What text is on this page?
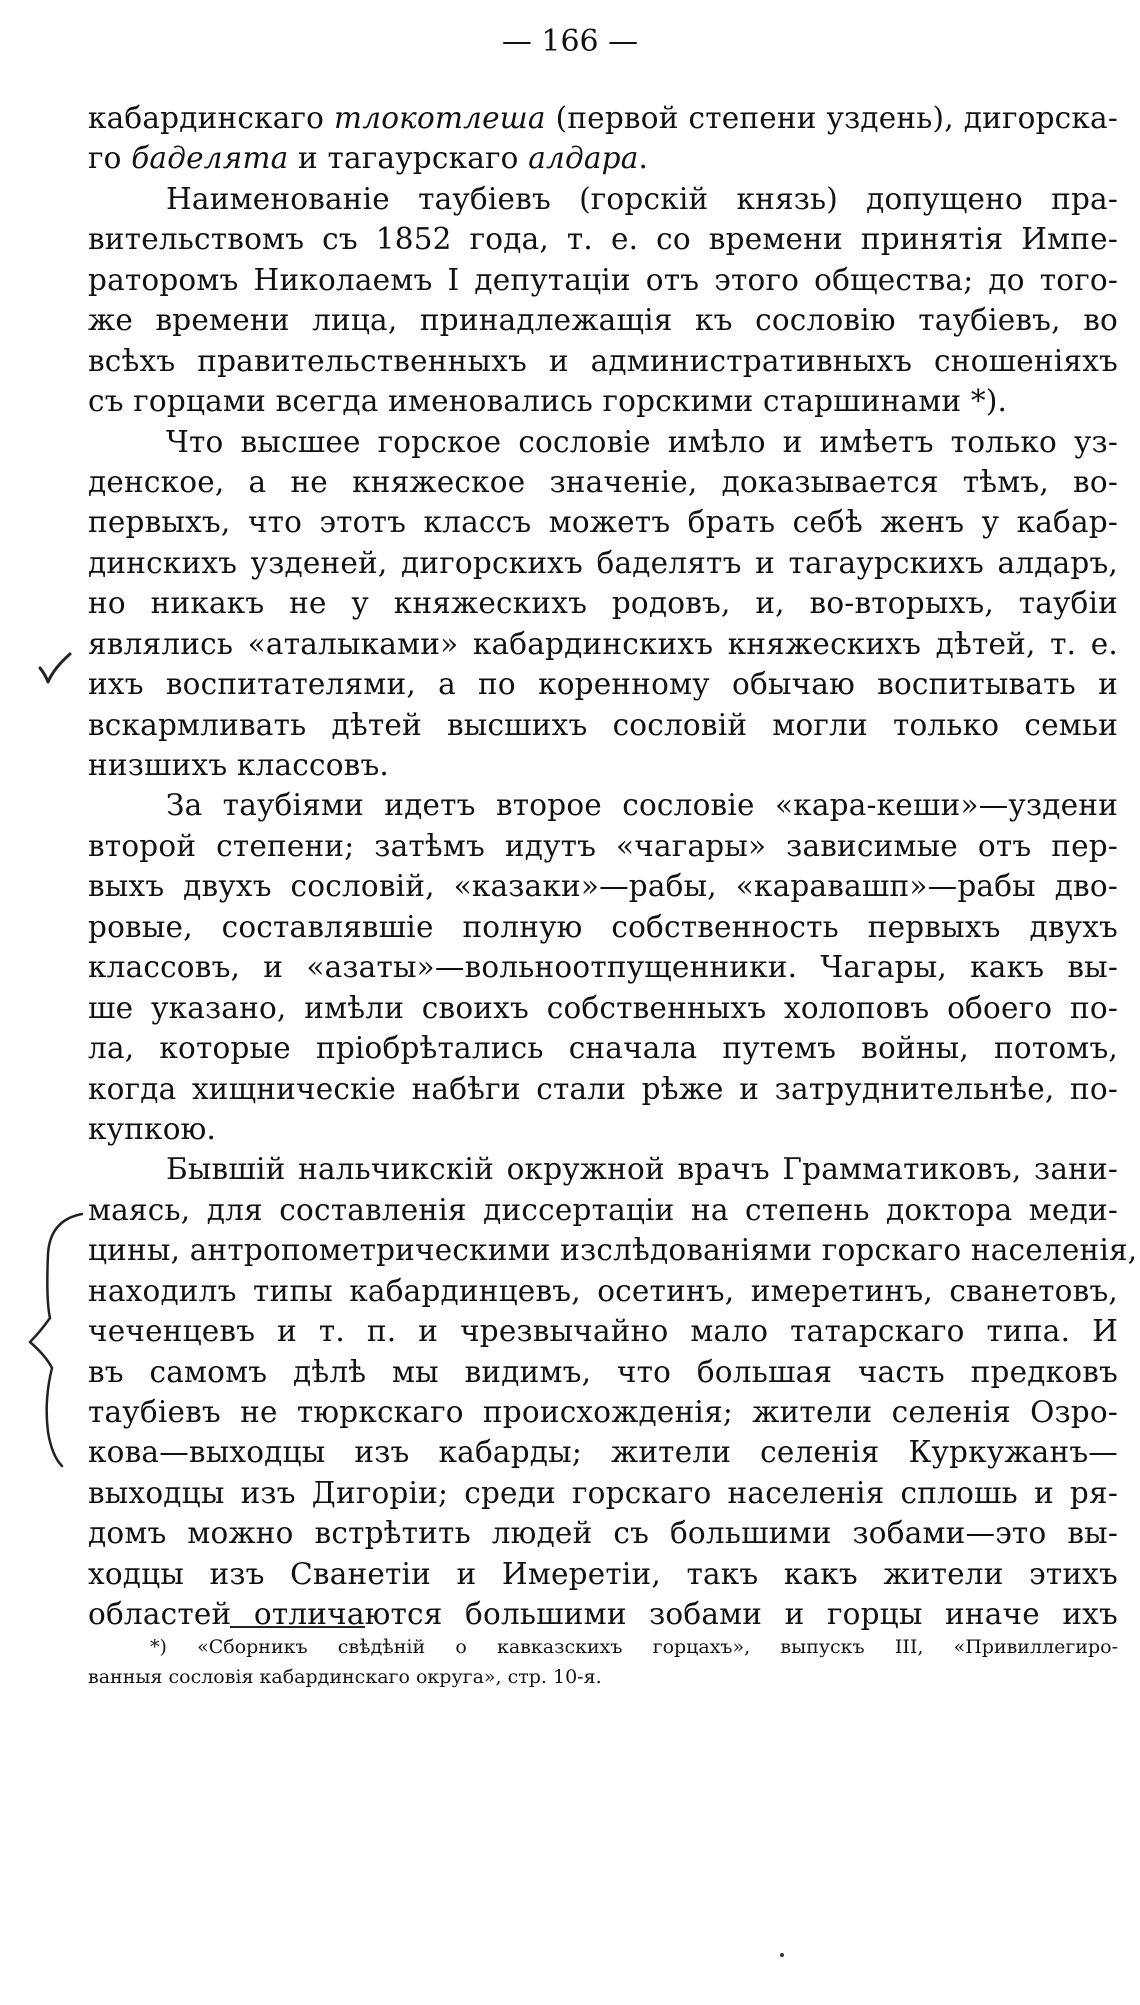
— 166 —
кабардинскаго тлокотлеша (первой степени уздень), дигорска-
го баделята и тагаурскаго алдара.
Наименованіе таубіевъ (горскій князь) допущено пра-
вительствомъ съ 1852 года, т. е. со времени принятія Импе-
раторомъ Николаемъ I депутаціи отъ этого общества; до того-
же времени лица, принадлежащія къ сословію таубіевъ, во
всѣхъ правительственныхъ и административныхъ сношеніяхъ
съ горцами всегда именовались горскими старшинами *).
Что высшее горское сословіе имѣло и имѣетъ только уз-
денское, а не княжеское значеніе, доказывается тѣмъ, во-
первыхъ, что этотъ классъ можетъ брать себѣ женъ у кабар-
динскихъ узденей, дигорскихъ баделятъ и тагаурскихъ алдаръ,
но никакъ не у княжескихъ родовъ, и, во-вторыхъ, таубіи
являлись «аталыками» кабардинскихъ княжескихъ дѣтей, т. е.
ихъ воспитателями, а по коренному обычаю воспитывать и
вскармливать дѣтей высшихъ сословій могли только семьи
низшихъ классовъ.
За таубіями идетъ второе сословіе «кара-кеши»—уздени
второй степени; затѣмъ идутъ «чагары» зависимые отъ пер-
выхъ двухъ сословій, «казаки»—рабы, «каравашп»—рабы дво-
ровые, составлявшіе полную собственность первыхъ двухъ
классовъ, и «азаты»—вольноотпущенники. Чагары, какъ вы-
ше указано, имѣли своихъ собственныхъ холоповъ обоего по-
ла, которые пріобрѣтались сначала путемъ войны, потомъ,
когда хищническіе набѣги стали рѣже и затруднительнѣе, по-
купкою.
Бывшій нальчикскій окружной врачъ Грамматиковъ, зани-
маясь, для составленія диссертаціи на степень доктора меди-
цины, антропометрическими изслѣдованіями горскаго населенія,
находилъ типы кабардинцевъ, осетинъ, имеретинъ, сванетовъ,
чеченцевъ и т. п. и чрезвычайно мало татарскаго типа. И
въ самомъ дѣлѣ мы видимъ, что большая часть предковъ
таубіевъ не тюркскаго происхожденія; жители селенія Озро-
кова—выходцы изъ кабарды; жители селенія Куркужанъ—
выходцы изъ Дигоріи; среди горскаго населенія сплошь и ря-
домъ можно встрѣтить людей съ большими зобами—это вы-
ходцы изъ Сванетіи и Имеретіи, такъ какъ жители этихъ
областей отличаются большими зобами и горцы иначе ихъ
*) «Сборникъ свѣдѣній о кавказскихъ горцахъ», выпускъ III, «Привиллегиро-
ванныя сословія кабардинскаго округа», стр. 10-я.
